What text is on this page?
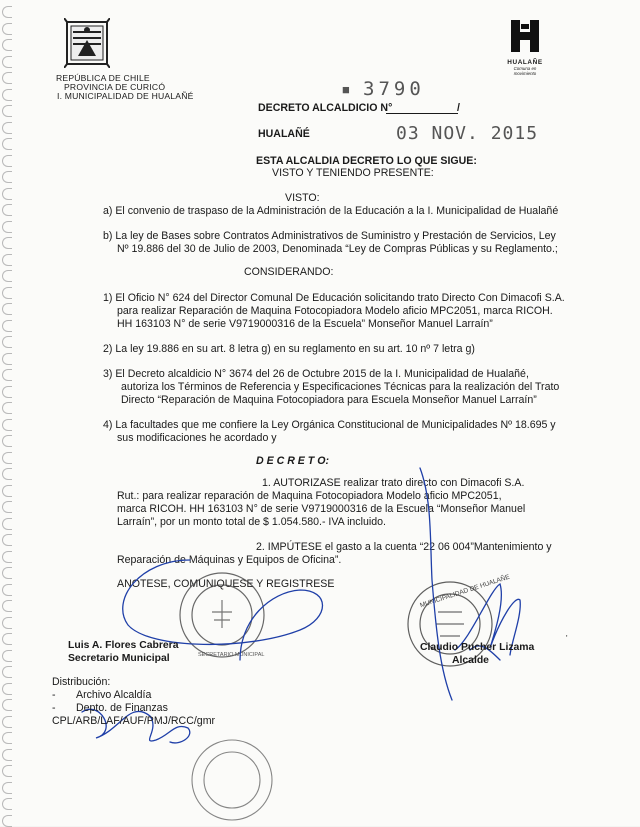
REPÚBLICA DE CHILE
PROVINCIA DE CURICÓ
I. MUNICIPALIDAD DE HUALAÑÉ
HUALAÑE
Comuna en movimiento
■ 3790
DECRETO ALCALDICIO N°	/
HUALAÑÉ	03 NOV. 2015
ESTA ALCALDIA DECRETO LO QUE SIGUE:
VISTO Y TENIENDO PRESENTE:
VISTO:
a) El convenio de traspaso de la Administración de la Educación a la I. Municipalidad de Hualañé
b) La ley de Bases sobre Contratos Administrativos de Suministro y Prestación de Servicios, Ley
Nº 19.886 del 30 de Julio de 2003, Denominada “Ley de Compras Públicas y su Reglamento.;
CONSIDERANDO:
1) El Oficio N° 624 del Director Comunal De Educación solicitando trato Directo Con Dimacofi S.A.
para realizar Reparación de Maquina Fotocopiadora Modelo aficio MPC2051, marca RICOH.
HH 163103 N° de serie V9719000316 de la Escuela” Monseñor Manuel Larraín”
2) La ley 19.886 en su art. 8 letra g) en su reglamento en su art. 10 nº 7 letra g)
3) El Decreto alcaldicio N° 3674 del 26 de Octubre 2015 de la I. Municipalidad de Hualañé,
autoriza los Términos de Referencia y Especificaciones Técnicas para la realización del Trato
Directo “Reparación de Maquina Fotocopiadora para Escuela Monseñor Manuel Larraín”
4) La facultades que me confiere la Ley Orgánica Constitucional de Municipalidades Nº 18.695 y
sus modificaciones he acordado y
D E C R E T O:
1. AUTORIZASE realizar trato directo con Dimacofi S.A.
Rut.: para realizar reparación de Maquina Fotocopiadora Modelo aficio MPC2051,
marca RICOH. HH 163103 N° de serie V9719000316 de la Escuela “Monseñor Manuel
Larraín”, por un monto total de $ 1.054.580.- IVA incluido.
2. IMPÚTESE el gasto a la cuenta “22 06 004”Mantenimiento y
Reparación de Máquinas y Equipos de Oficina”.
ANOTESE, COMUNIQUESE Y REGISTRESE	MUNICIPALIDAD DE HUALAÑE
SECRETARIO MUNICIPAL
Luis A. Flores Cabrera
Secretario Municipal
Claudio Pucher Lizama
Alcalde
Distribución:
- Archivo Alcaldía
- Depto. de Finanzas
CPL/ARB/LAF/AUF/PMJ/RCC/gmr
'
